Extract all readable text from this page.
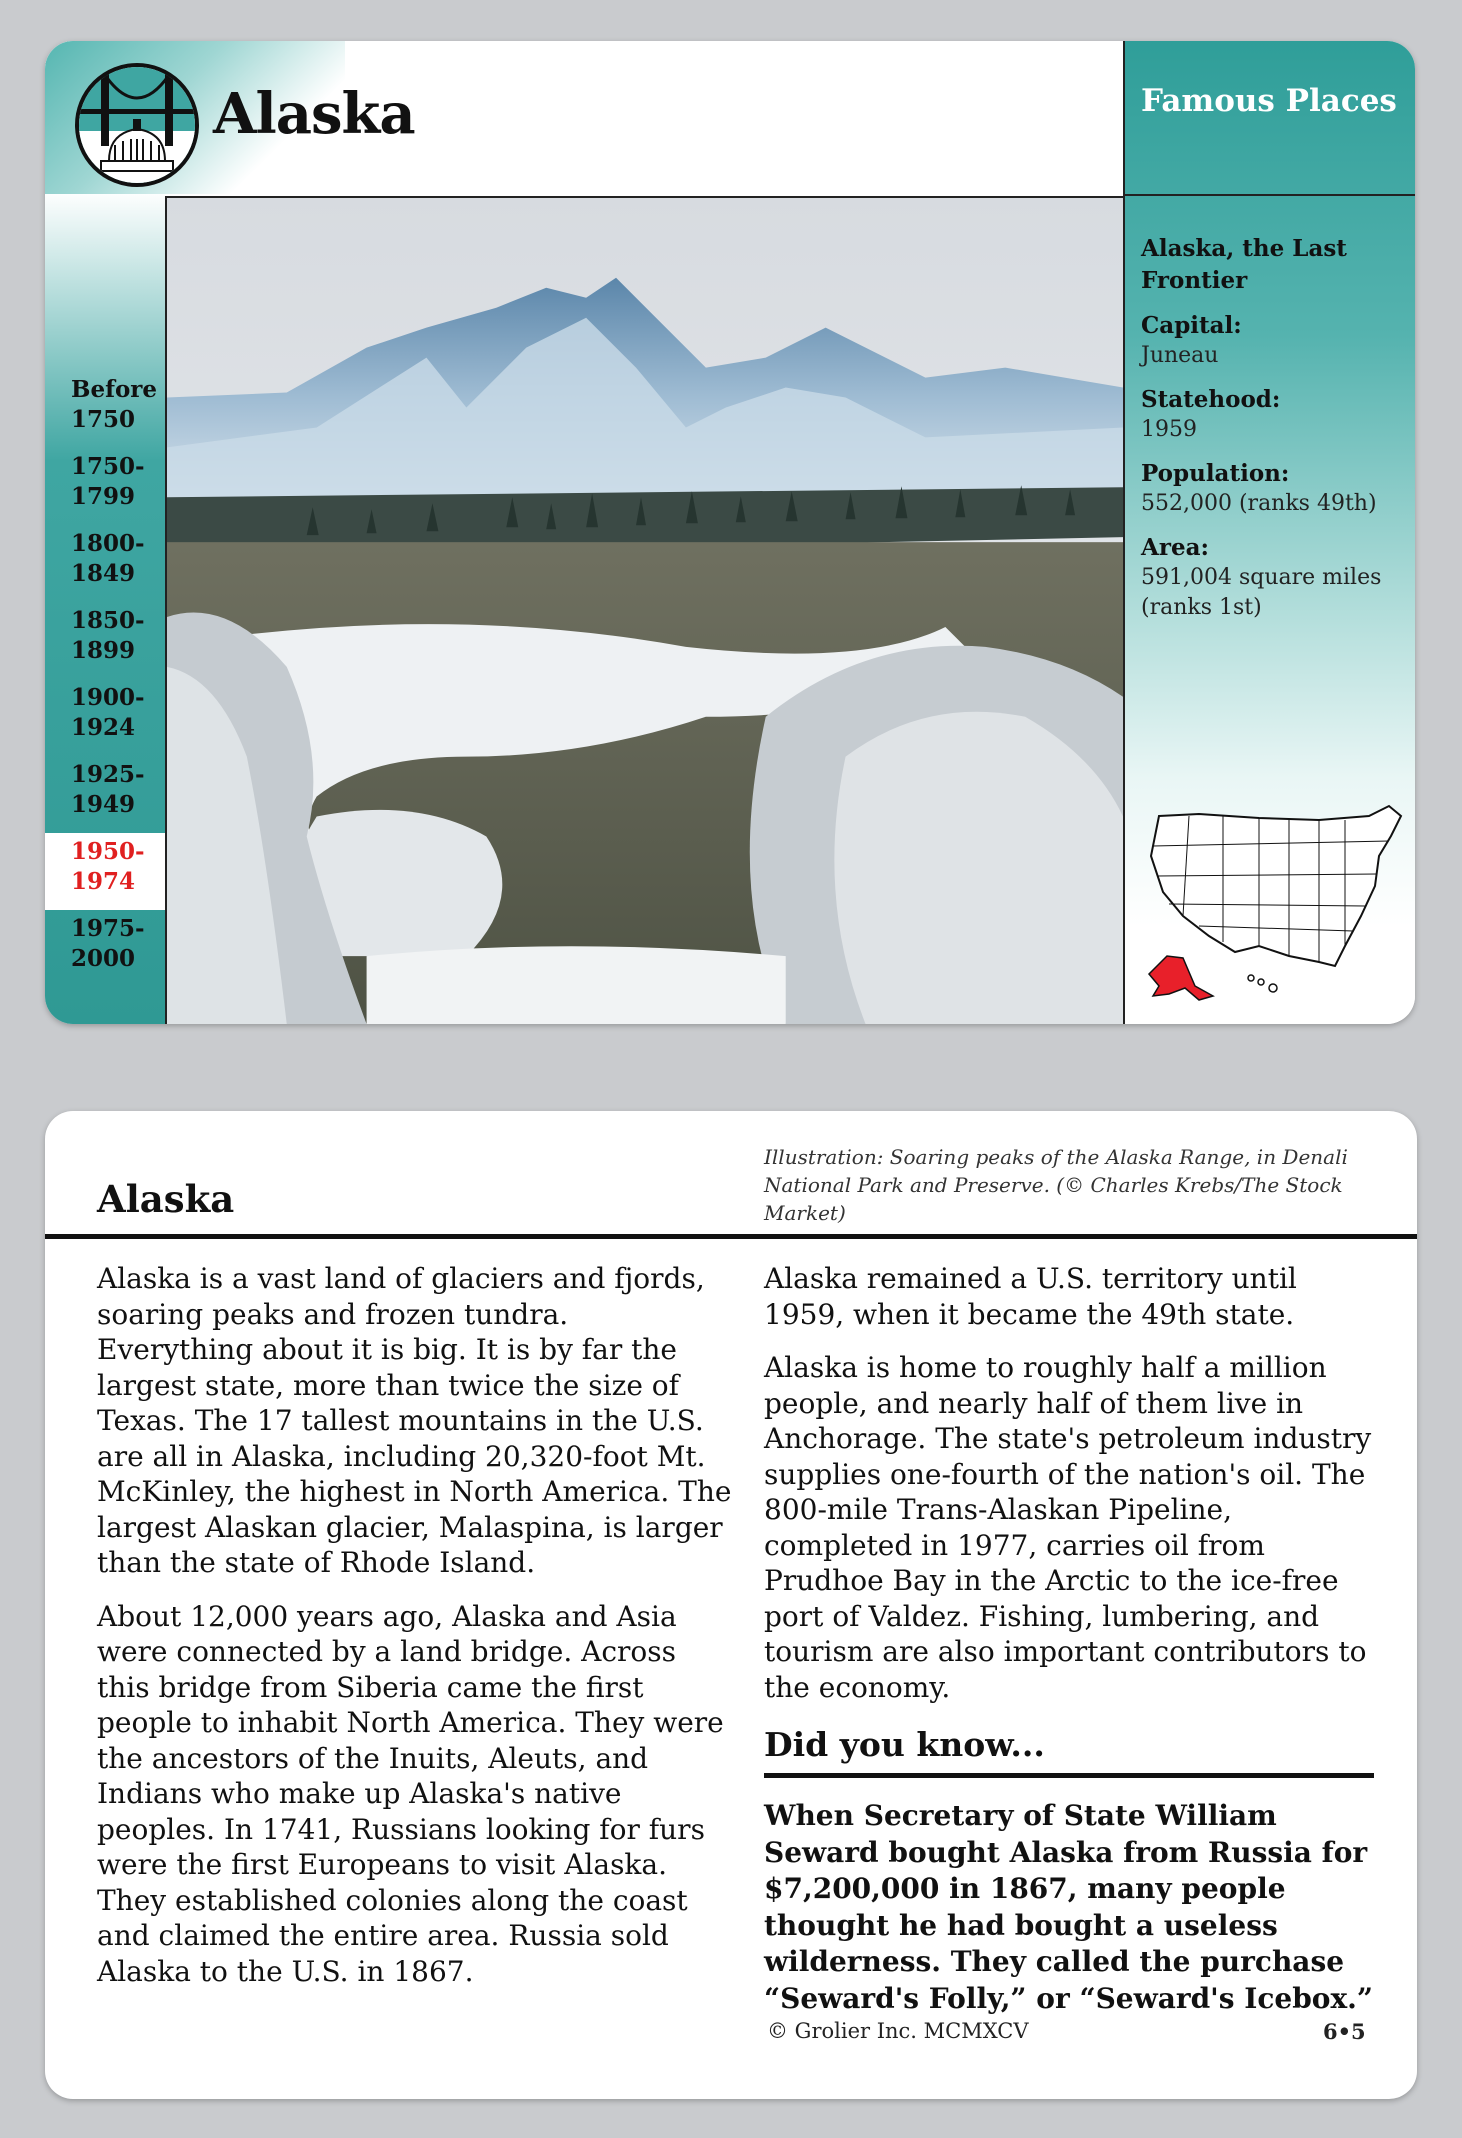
Alaska
Before
1750
1750-
1799
1800-
1849
1850-
1899
1900-
1924
1925-
1949
1950-
1974
1975-
2000
Famous Places
Alaska, the Last Frontier
Capital:
Juneau
Statehood:
1959
Population:
552,000 (ranks 49th)
Area:
591,004 square miles (ranks 1st)
Alaska
Illustration: Soaring peaks of the Alaska Range, in Denali National Park and Preserve. (© Charles Krebs/The Stock Market)

Alaska is a vast land of glaciers and fjords, soaring peaks and frozen tundra. Everything about it is big. It is by far the largest state, more than twice the size of Texas. The 17 tallest mountains in the U.S. are all in Alaska, including 20,320-foot Mt. McKinley, the highest in North America. The largest Alaskan glacier, Malaspina, is larger than the state of Rhode Island.

About 12,000 years ago, Alaska and Asia were connected by a land bridge. Across this bridge from Siberia came the first people to inhabit North America. They were the ancestors of the Inuits, Aleuts, and Indians who make up Alaska's native peoples. In 1741, Russians looking for furs were the first Europeans to visit Alaska. They established colonies along the coast and claimed the entire area. Russia sold Alaska to the U.S. in 1867.

Alaska remained a U.S. territory until 1959, when it became the 49th state.

Alaska is home to roughly half a million people, and nearly half of them live in Anchorage. The state's petroleum industry supplies one-fourth of the nation's oil. The 800-mile Trans-Alaskan Pipeline, completed in 1977, carries oil from Prudhoe Bay in the Arctic to the ice-free port of Valdez. Fishing, lumbering, and tourism are also important contributors to the economy.

Did you know...
When Secretary of State William Seward bought Alaska from Russia for $7,200,000 in 1867, many people thought he had bought a useless wilderness. They called the purchase “Seward's Folly,” or “Seward's Icebox.”
© Grolier Inc. MCMXCV	6•5
